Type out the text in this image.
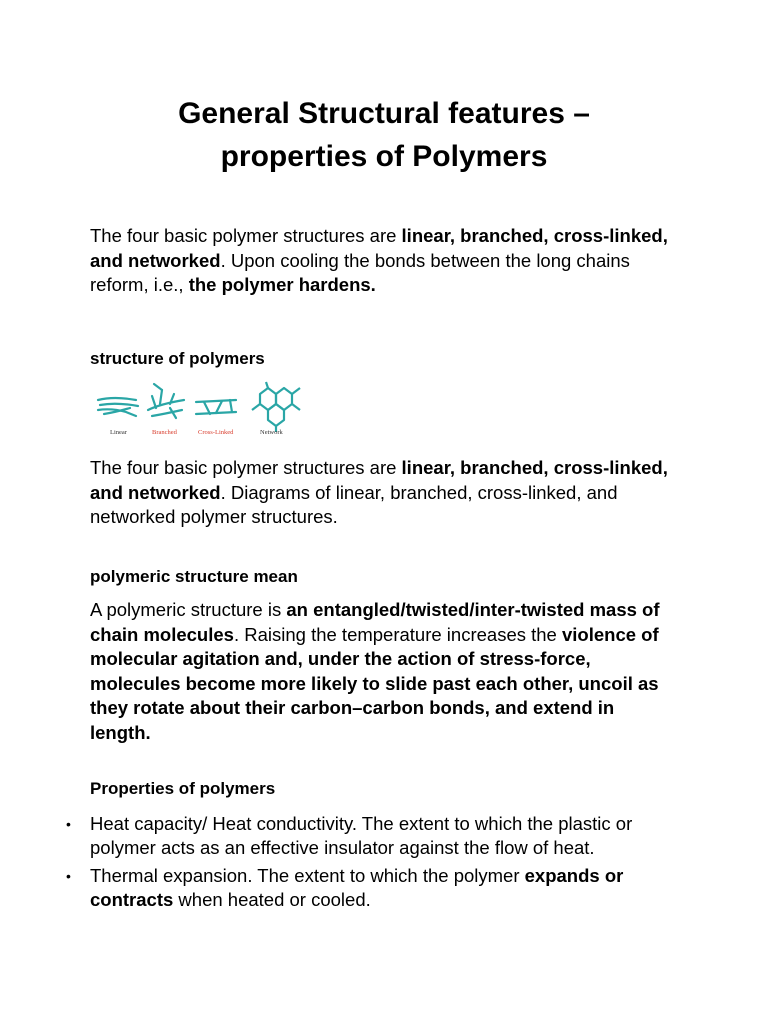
General Structural features –
properties of Polymers

The four basic polymer structures are linear, branched, cross-linked, and networked. Upon cooling the bonds between the long chains reform, i.e., the polymer hardens.

structure of polymers
Linear	Branched	Cross-Linked	Network

The four basic polymer structures are linear, branched, cross-linked, and networked. Diagrams of linear, branched, cross-linked, and networked polymer structures.

polymeric structure mean

A polymeric structure is an entangled/twisted/inter-twisted mass of chain molecules. Raising the temperature increases the violence of molecular agitation and, under the action of stress-force, molecules become more likely to slide past each other, uncoil as they rotate about their carbon–carbon bonds, and extend in length.

Properties of polymers
• Heat capacity/ Heat conductivity. The extent to which the plastic or polymer acts as an effective insulator against the flow of heat.
• Thermal expansion. The extent to which the polymer expands or contracts when heated or cooled.
